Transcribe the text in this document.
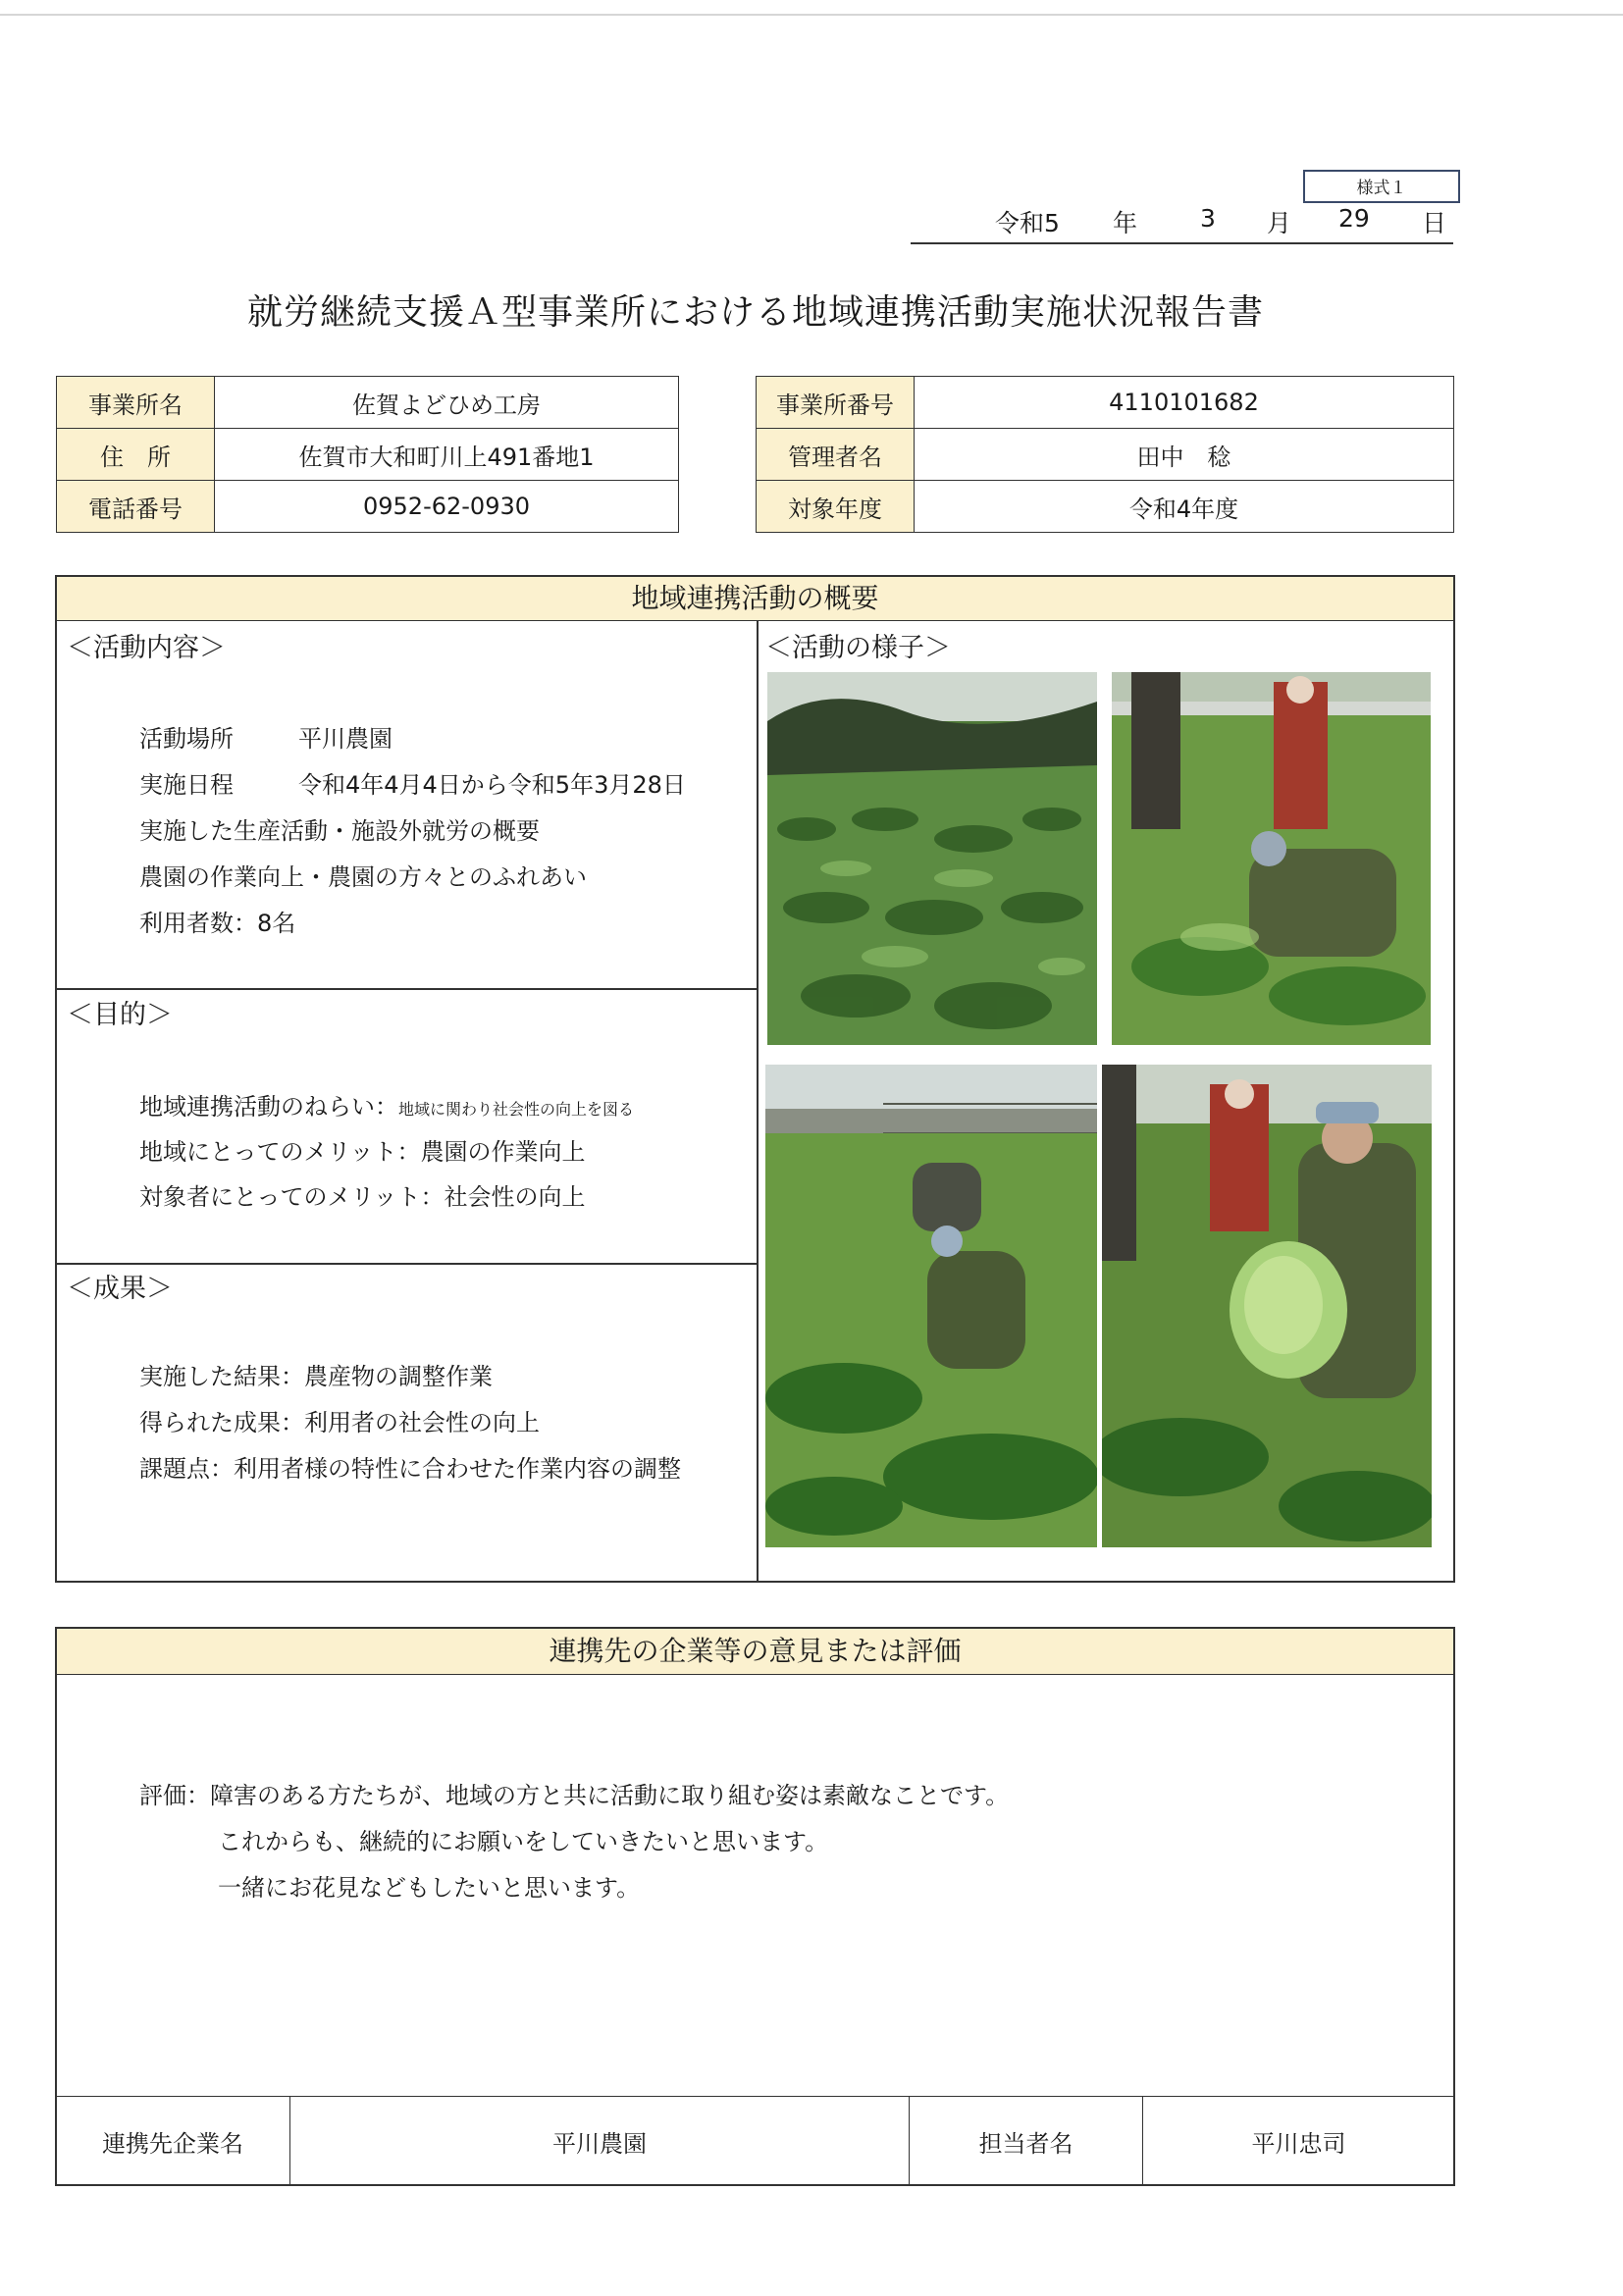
様式１
令和5 年	3 月 29 日
就労継続支援Ａ型事業所における地域連携活動実施状況報告書
事業所名	佐賀よどひめ工房
住　所	佐賀市大和町川上491番地1
電話番号	0952-62-0930
事業所番号	4110101682
管理者名	田中　稔
対象年度	令和4年度
地域連携活動の概要
＜活動内容＞
活動場所	平川農園
実施日程	令和4年4月4日から令和5年3月28日
実施した生産活動・施設外就労の概要
農園の作業向上・農園の方々とのふれあい
利用者数：8名
＜目的＞
地域連携活動のねらい：地域に関わり社会性の向上を図る
地域にとってのメリット：農園の作業向上
対象者にとってのメリット：社会性の向上
＜成果＞
実施した結果：農産物の調整作業
得られた成果：利用者の社会性の向上
課題点：利用者様の特性に合わせた作業内容の調整
＜活動の様子＞
連携先の企業等の意見または評価
評価：障害のある方たちが、地域の方と共に活動に取り組む姿は素敵なことです。
これからも、継続的にお願いをしていきたいと思います。
一緒にお花見などもしたいと思います。
連携先企業名	平川農園	担当者名	平川忠司
